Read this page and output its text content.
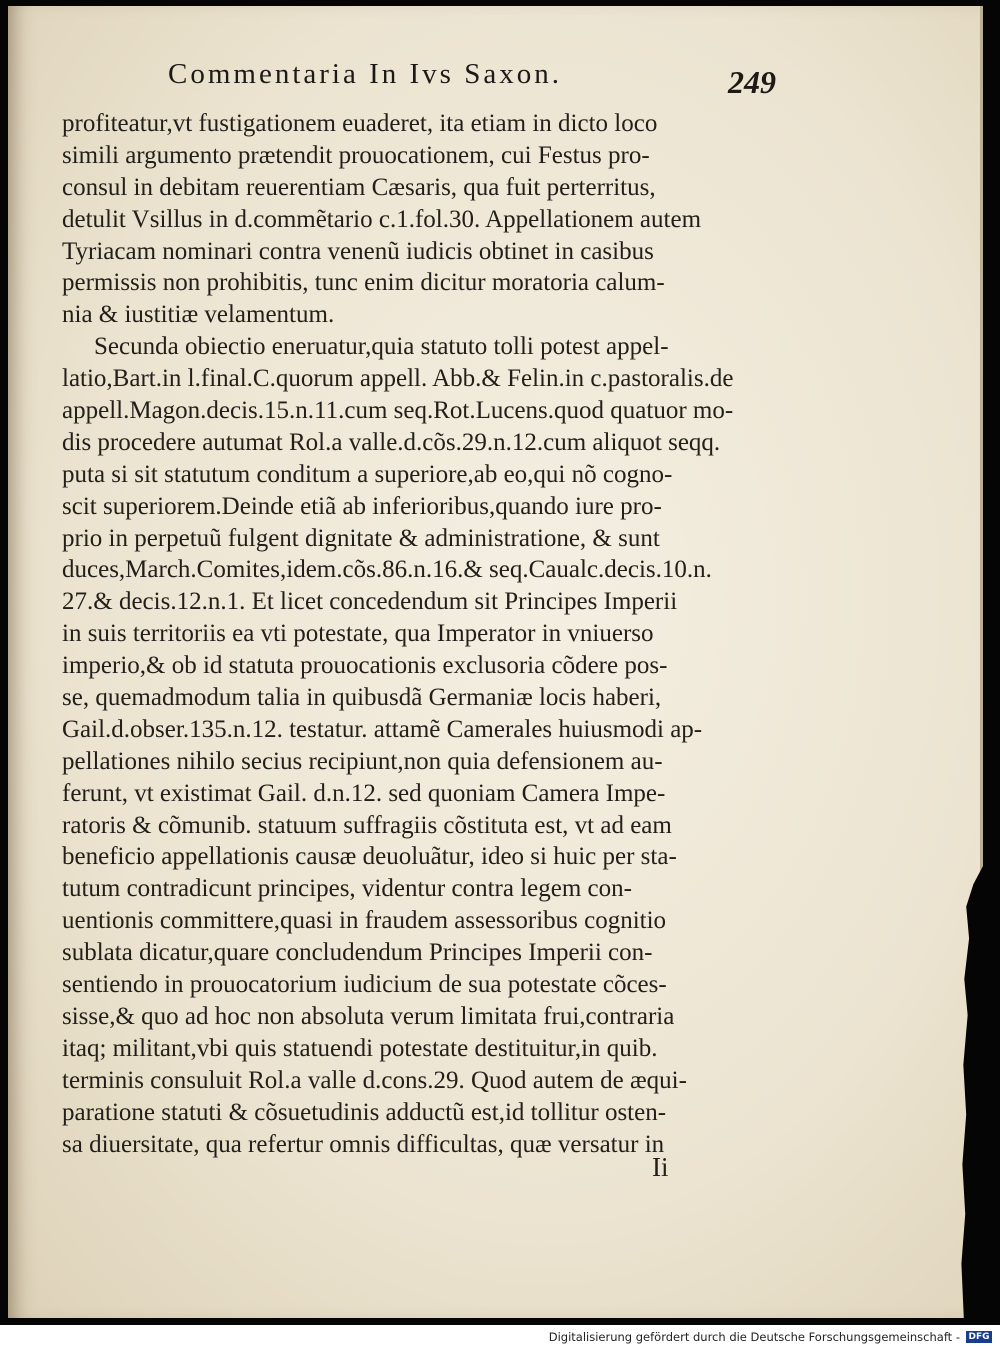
Commentaria In Ivs Saxon.	249
profiteatur,vt fustigationem euaderet, ita etiam in dicto loco
simili argumento prætendit prouocationem, cui Festus pro-
consul in debitam reuerentiam Cæsaris, qua fuit perterritus,
detulit Vsillus in d.commẽtario c.1.fol.30. Appellationem autem
Tyriacam nominari contra venenũ iudicis obtinet in casibus
permissis non prohibitis, tunc enim dicitur moratoria calum-
nia & iustitiæ velamentum.
Secunda obiectio eneruatur,quia statuto tolli potest appel-
latio,Bart.in l.final.C.quorum appell. Abb.& Felin.in c.pastoralis.de
appell.Magon.decis.15.n.11.cum seq.Rot.Lucens.quod quatuor mo-
dis procedere autumat Rol.a valle.d.cõs.29.n.12.cum aliquot seqq.
puta si sit statutum conditum a superiore,ab eo,qui nõ cogno-
scit superiorem.Deinde etiã ab inferioribus,quando iure pro-
prio in perpetuũ fulgent dignitate & administratione, & sunt
duces,March.Comites,idem.cõs.86.n.16.& seq.Caualc.decis.10.n.
27.& decis.12.n.1. Et licet concedendum sit Principes Imperii
in suis territoriis ea vti potestate, qua Imperator in vniuerso
imperio,& ob id statuta prouocationis exclusoria cõdere pos-
se, quemadmodum talia in quibusdã Germaniæ locis haberi,
Gail.d.obser.135.n.12. testatur. attamẽ Camerales huiusmodi ap-
pellationes nihilo secius recipiunt,non quia defensionem au-
ferunt, vt existimat Gail. d.n.12. sed quoniam Camera Impe-
ratoris & cõmunib. statuum suffragiis cõstituta est, vt ad eam
beneficio appellationis causæ deuoluãtur, ideo si huic per sta-
tutum contradicunt principes, videntur contra legem con-
uentionis committere,quasi in fraudem assessoribus cognitio
sublata dicatur,quare concludendum Principes Imperii con-
sentiendo in prouocatorium iudicium de sua potestate cõces-
sisse,& quo ad hoc non absoluta verum limitata frui,contraria
itaq; militant,vbi quis statuendi potestate destituitur,in quib.
terminis consuluit Rol.a valle d.cons.29. Quod autem de æqui-
paratione statuti & cõsuetudinis adductũ est,id tollitur osten-
sa diuersitate, qua refertur omnis difficultas, quæ versatur in
Ii
Digitalisierung gefördert durch die Deutsche Forschungsgemeinschaft - DFG
